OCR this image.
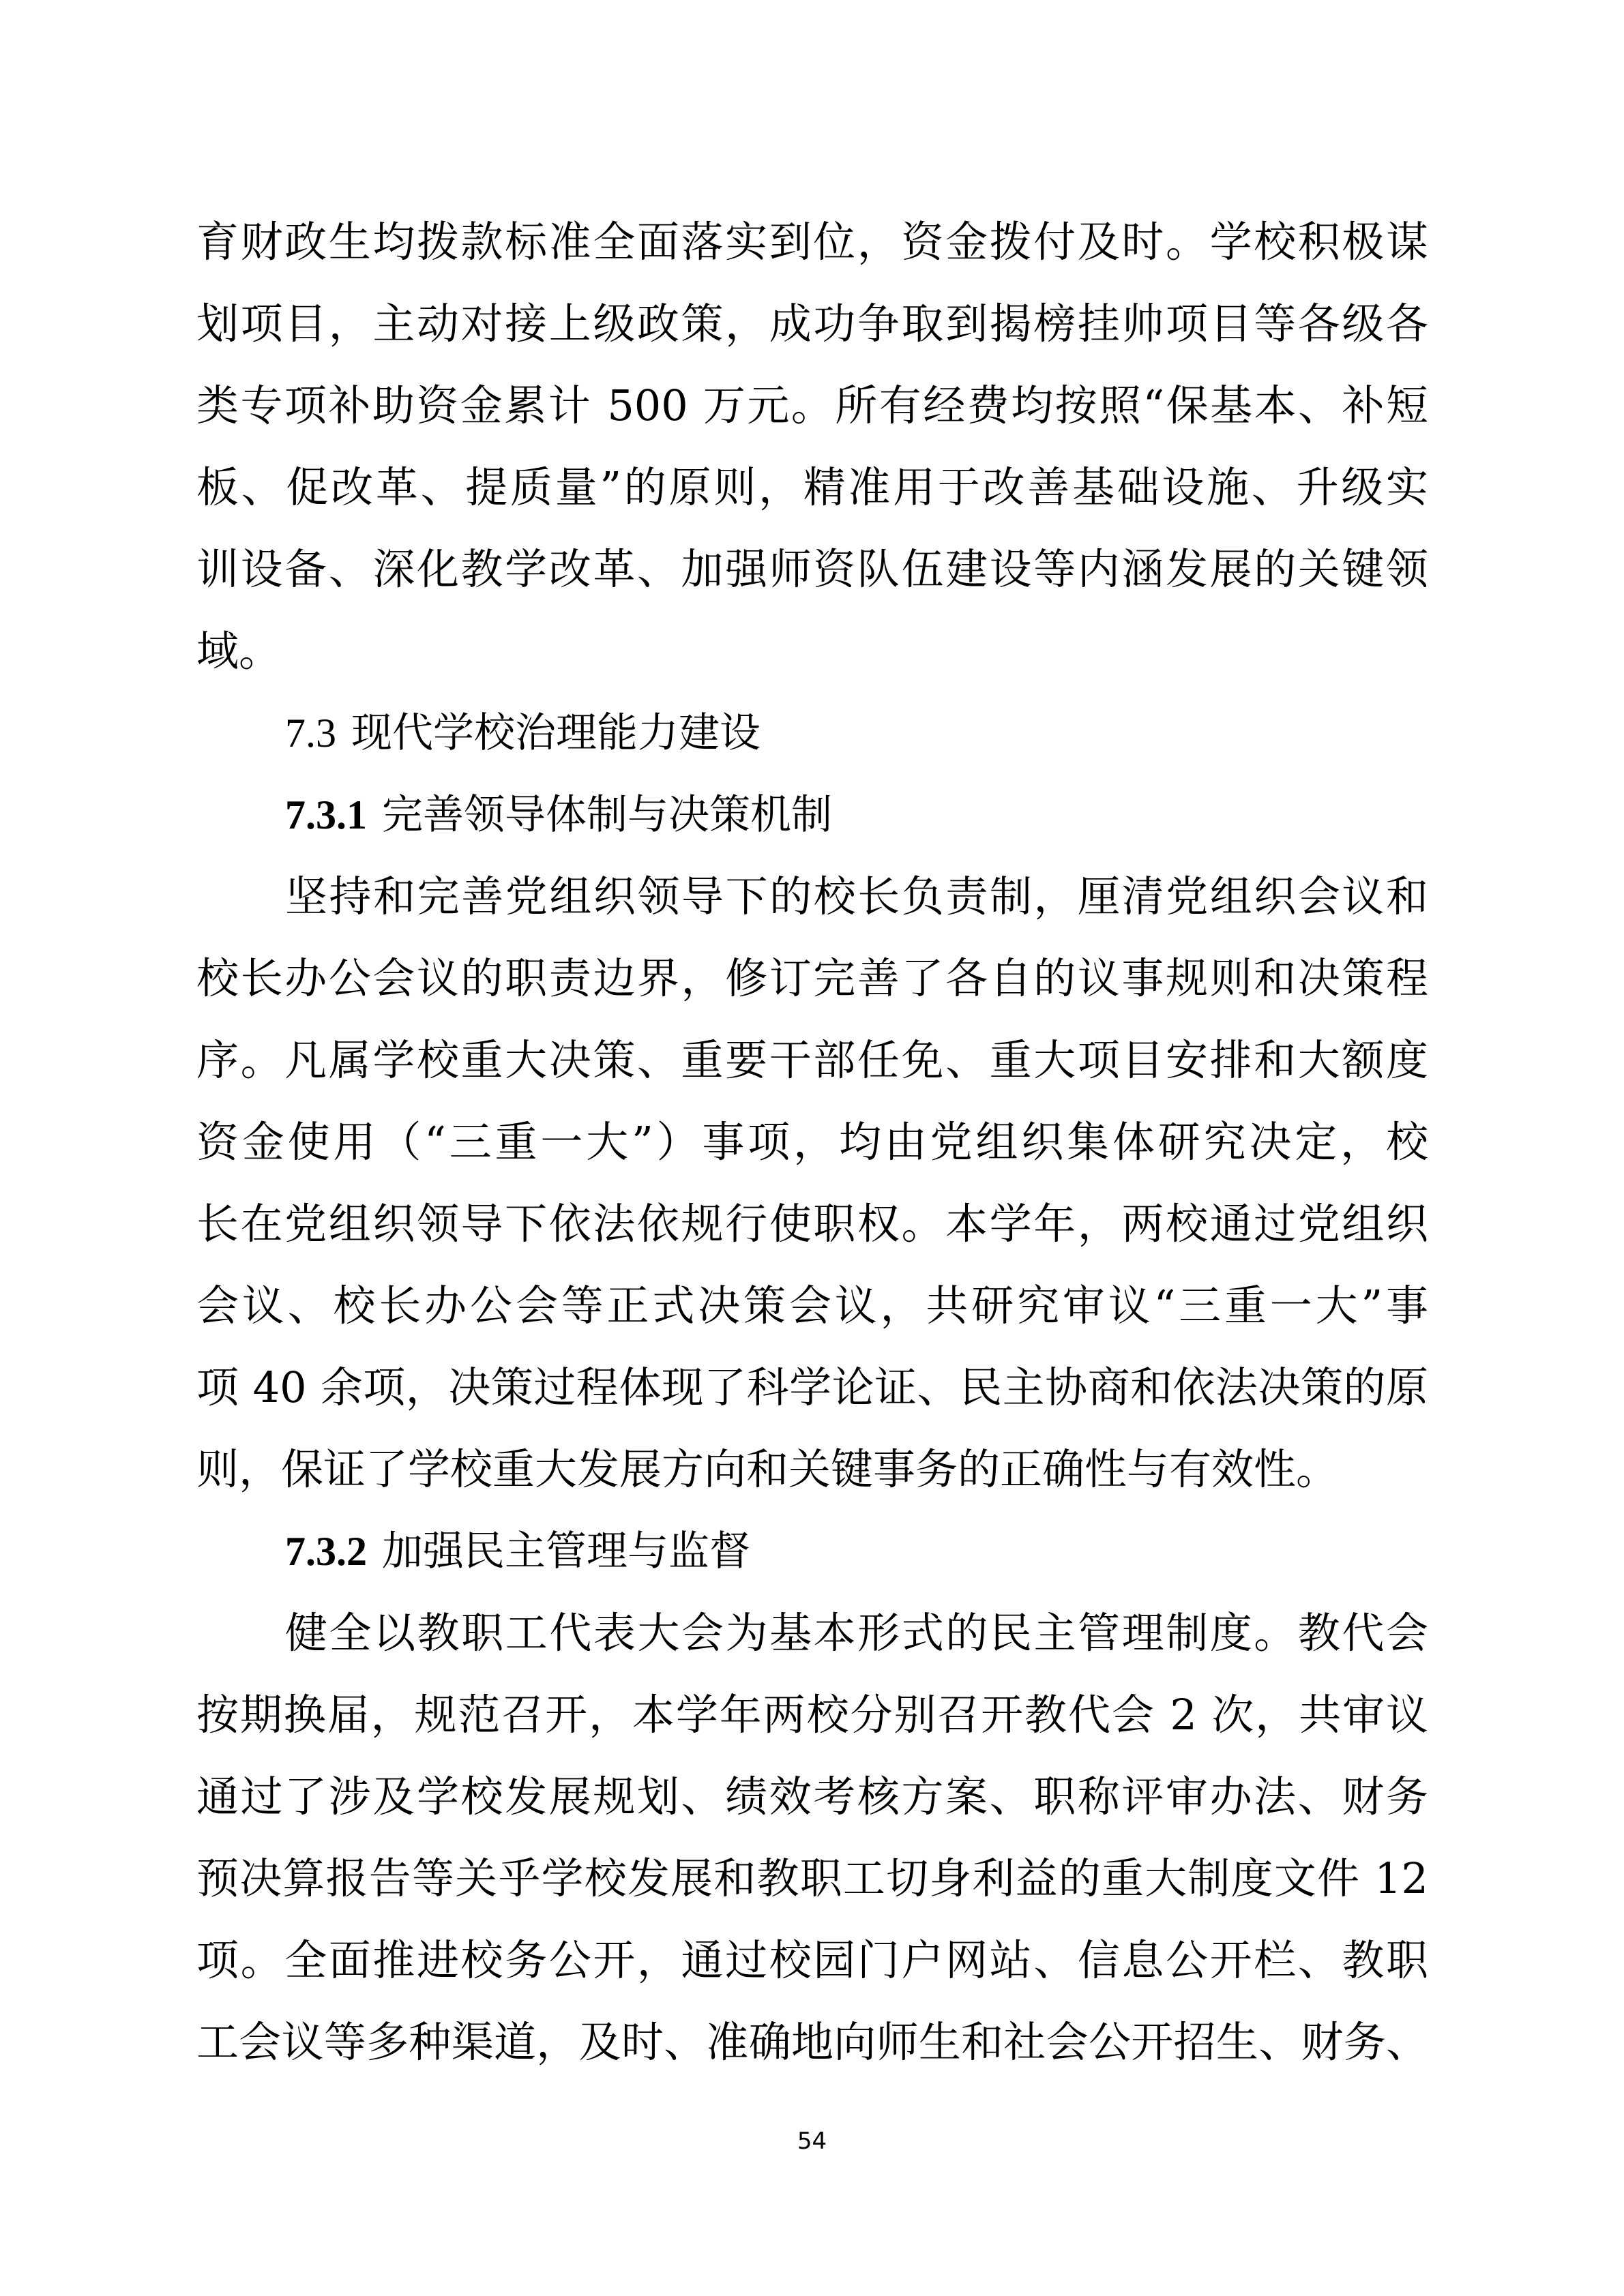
育财政生均拨款标准全面落实到位，资金拨付及时。学校积极谋
划项目，主动对接上级政策，成功争取到揭榜挂帅项目等各级各
类专项补助资金累计 500 万元。所有经费均按照“保基本、补短
板、促改革、提质量”的原则，精准用于改善基础设施、升级实
训设备、深化教学改革、加强师资队伍建设等内涵发展的关键领
域。
7.3 现代学校治理能力建设
7.3.1 完善领导体制与决策机制
坚持和完善党组织领导下的校长负责制，厘清党组织会议和
校长办公会议的职责边界，修订完善了各自的议事规则和决策程
序。凡属学校重大决策、重要干部任免、重大项目安排和大额度
资金使用（“三重一大”）事项，均由党组织集体研究决定，校
长在党组织领导下依法依规行使职权。本学年，两校通过党组织
会议、校长办公会等正式决策会议，共研究审议“三重一大”事
项 40 余项，决策过程体现了科学论证、民主协商和依法决策的原
则，保证了学校重大发展方向和关键事务的正确性与有效性。
7.3.2 加强民主管理与监督
健全以教职工代表大会为基本形式的民主管理制度。教代会
按期换届，规范召开，本学年两校分别召开教代会 2 次，共审议
通过了涉及学校发展规划、绩效考核方案、职称评审办法、财务
预决算报告等关乎学校发展和教职工切身利益的重大制度文件 12
项。全面推进校务公开，通过校园门户网站、信息公开栏、教职
工会议等多种渠道，及时、准确地向师生和社会公开招生、财务、
54
